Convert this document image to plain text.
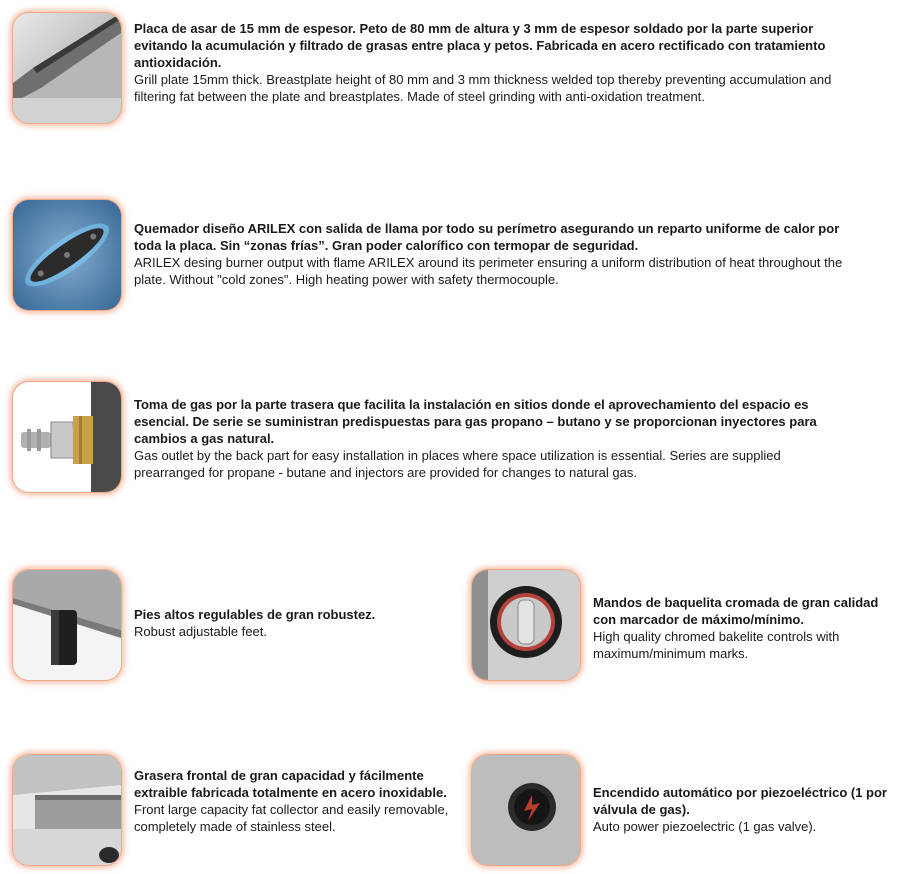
Placa de asar de 15 mm de espesor. Peto de 80 mm de altura y 3 mm de espesor soldado por la parte superior evitando la acumulación y filtrado de grasas entre placa y petos. Fabricada en acero rectificado con tratamiento antioxidación.

Grill plate 15mm thick. Breastplate height of 80 mm and 3 mm thickness welded top thereby preventing accumulation and filtering fat between the plate and breastplates. Made of steel grinding with anti-oxidation treatment.

Quemador diseño ARILEX con salida de llama por todo su perímetro asegurando un reparto uniforme de calor por toda la placa. Sin “zonas frías”. Gran poder calorífico con termopar de seguridad.

ARILEX desing burner output with flame ARILEX around its perimeter ensuring a uniform distribution of heat throughout the plate. Without "cold zones". High heating power with safety thermocouple.

Toma de gas por la parte trasera que facilita la instalación en sitios donde el aprovechamiento del espacio es esencial. De serie se suministran predispuestas para gas propano – butano y se proporcionan inyectores para cambios a gas natural.

Gas outlet by the back part for easy installation in places where space utilization is essential. Series are supplied prearranged for propane - butane and injectors are provided for changes to natural gas.

Pies altos regulables de gran robustez.

Robust adjustable feet.

Mandos de baquelita cromada de gran calidad con marcador de máximo/mínimo.

High quality chromed bakelite controls with maximum/minimum marks.

Grasera frontal de gran capacidad y fácilmente extraible fabricada totalmente en acero inoxidable.

Front large capacity fat collector and easily removable, completely made of stainless steel.

Encendido automático por piezoeléctrico (1 por válvula de gas).

Auto power piezoelectric (1 gas valve).
